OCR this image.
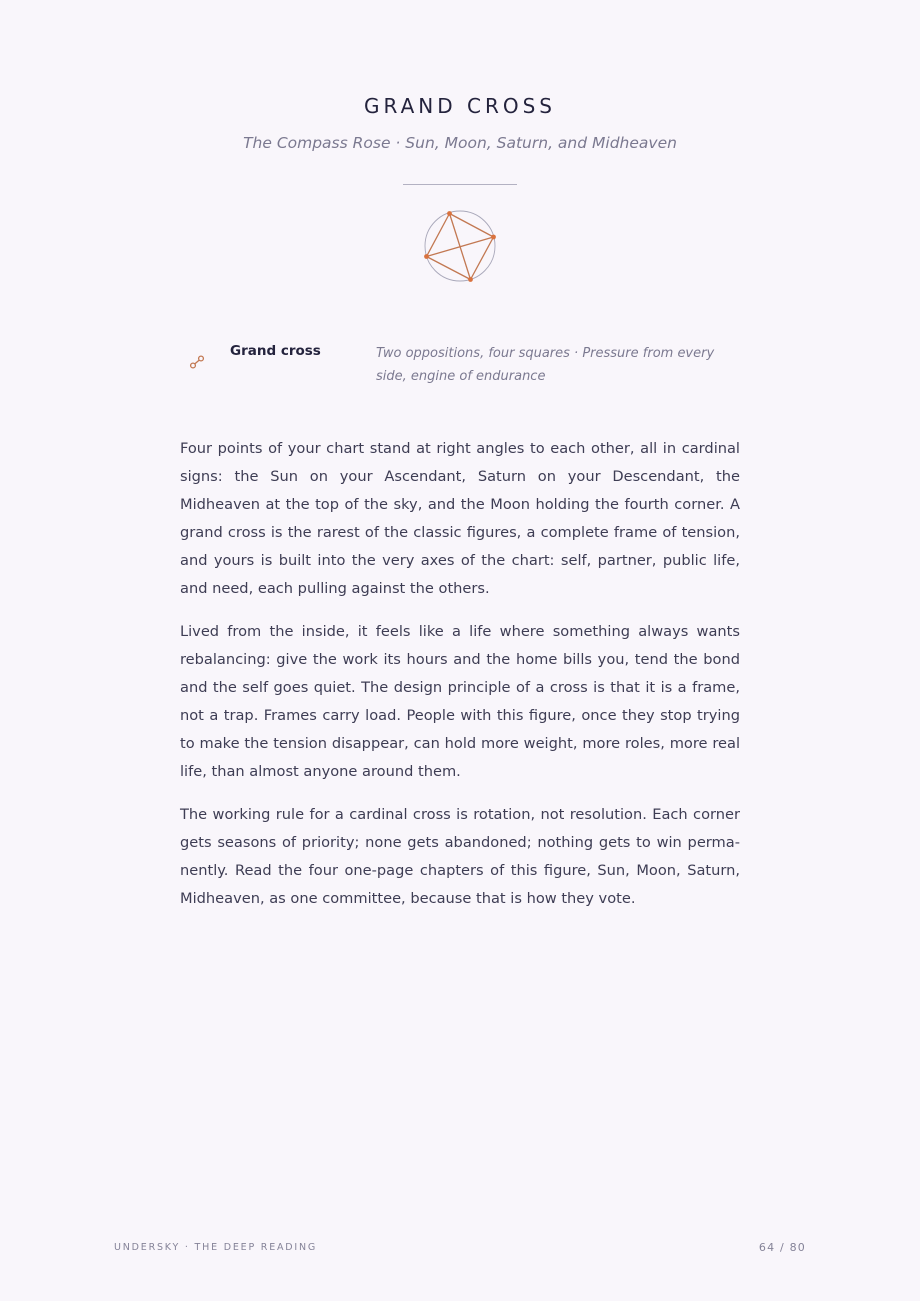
GRAND CROSS
The Compass Rose · Sun, Moon, Saturn, and Midheaven
Grand cross	Two oppositions, four squares · Pressure from every side, engine of endurance

Four points of your chart stand at right angles to each other, all in cardinal signs: the Sun on your Ascendant, Saturn on your Descendant, the Midheaven at the top of the sky, and the Moon holding the fourth corner. A grand cross is the rarest of the classic figures, a complete frame of tension, and yours is built into the very axes of the chart: self, partner, public life, and need, each pulling against the others.

Lived from the inside, it feels like a life where something always wants rebalancing: give the work its hours and the home bills you, tend the bond and the self goes quiet. The design principle of a cross is that it is a frame, not a trap. Frames carry load. People with this figure, once they stop trying to make the tension disappear, can hold more weight, more roles, more real life, than almost anyone around them.

The working rule for a cardinal cross is rotation, not resolution. Each corner gets seasons of priority; none gets abandoned; nothing gets to win permanently. Read the four one-page chapters of this figure, Sun, Moon, Saturn, Midheaven, as one committee, because that is how they vote.

UNDERSKY · THE DEEP READING	64 / 80
